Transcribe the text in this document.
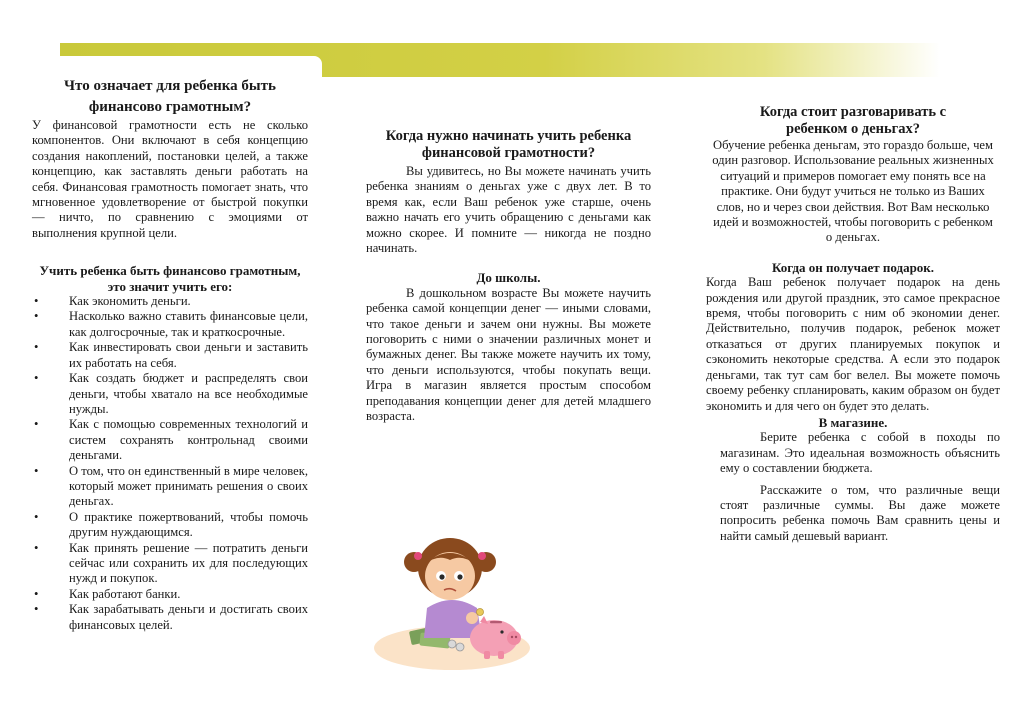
Что означает для ребенка быть
финансово грамотным?

У финансовой грамотности есть не сколько компонентов. Они включают в себя концепцию создания накоплений, постановки целей, а также концепцию, как заставлять деньги работать на себя. Финансовая грамотность помогает знать, что мгновенное удовлетворение от быстрой покупки — ничто, по сравнению с эмоциями от выполнения крупной цели.

Учить ребенка быть финансово грамотным, это значит учить его:

• Как экономить деньги.
• Насколько важно ставить финансовые цели, как долгосрочные, так и краткосрочные.
• Как инвестировать свои деньги и заставить их работать на себя.
• Как создать бюджет и распределять свои деньги, чтобы хватало на все необходимые нужды.
• Как с помощью современных технологий и систем сохранять контрольнад своими деньгами.
• О том, что он единственный в мире человек, который может принимать решения о своих деньгах.
• О практике пожертвований, чтобы помочь другим нуждающимся.
• Как принять решение — потратить деньги сейчас или сохранить их для последующих нужд и покупок.
• Как работают банки.
• Как зарабатывать деньги и достигать своих финансовых целей.
Когда нужно начинать учить ребенка финансовой грамотности?

Вы удивитесь, но Вы можете начинать учить ребенка знаниям о деньгах уже с двух лет. В то время как, если Ваш ребенок уже старше, очень важно начать его учить обращению с деньгами как можно скорее. И помните — никогда не поздно начинать.

До школы.

В дошкольном возрасте Вы можете научить ребенка самой концепции денег — иными словами, что такое деньги и зачем они нужны. Вы можете поговорить с ними о значении различных монет и бумажных денег. Вы также можете научить их тому, что деньги используются, чтобы покупать вещи. Игра в магазин является простым способом преподавания концепции денег для детей младшего возраста.

Когда стоит разговаривать с ребенком о деньгах?

Обучение ребенка деньгам, это гораздо больше, чем один разговор. Использование реальных жизненных ситуаций и примеров помогает ему понять все на практике. Они будут учиться не только из Ваших слов, но и через свои действия. Вот Вам несколько идей и возможностей, чтобы поговорить с ребенком о деньгах.

Когда он получает подарок.

Когда Ваш ребенок получает подарок на день рождения или другой праздник, это самое прекрасное время, чтобы поговорить с ним об экономии денег. Действительно, получив подарок, ребенок может отказаться от других планируемых покупок и сэкономить некоторые средства. А если это подарок деньгами, так тут сам бог велел. Вы можете помочь своему ребенку спланировать, каким образом он будет экономить и для чего он будет это делать.

В магазине.

Берите ребенка с собой в походы по магазинам. Это идеальная возможность объяснить ему о составлении бюджета.

Расскажите о том, что различные вещи стоят различные суммы. Вы даже можете попросить ребенка помочь Вам сравнить цены и найти самый дешевый вариант.
